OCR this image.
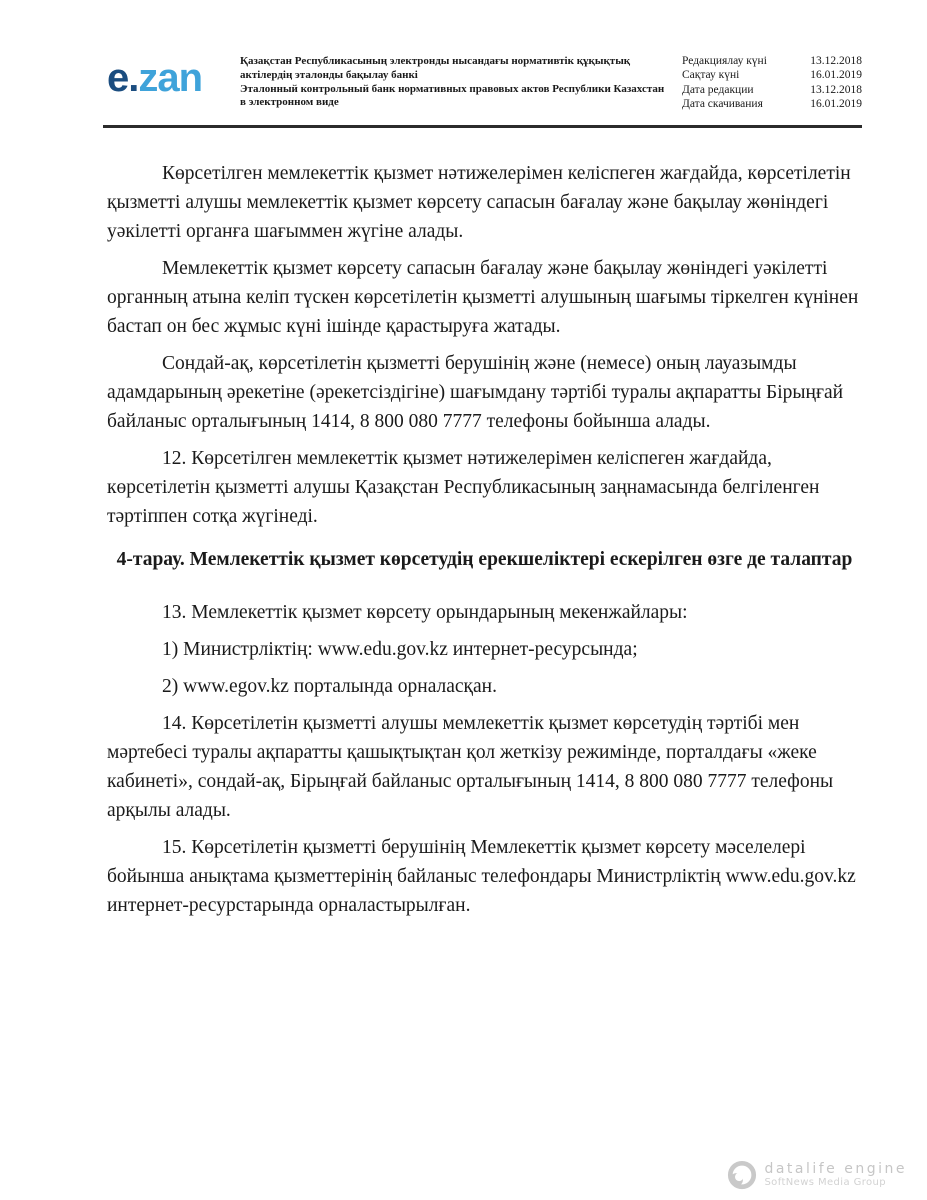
e.zan	Қазақстан Республикасының электронды нысандағы нормативтік құқықтық актілердің эталонды бақылау банкі

Эталонный контрольный банк нормативных правовых актов Республики Казахстан в электронном виде

Редакциялау күні	13.12.2018
Сақтау күні	16.01.2019
Дата редакции	13.12.2018
Дата скачивания	16.01.2019

Көрсетілген мемлекеттік қызмет нәтижелерімен келіспеген жағдайда, көрсетілетін қызметті алушы мемлекеттік қызмет көрсету сапасын бағалау және бақылау жөніндегі уәкілетті органға шағыммен жүгіне алады.

Мемлекеттік қызмет көрсету сапасын бағалау және бақылау жөніндегі уәкілетті органның атына келіп түскен көрсетілетін қызметті алушының шағымы тіркелген күнінен бастап он бес жұмыс күні ішінде қарастыруға жатады.

Сондай-ақ, көрсетілетін қызметті берушінің және (немесе) оның лауазымды адамдарының әрекетіне (әрекетсіздігіне) шағымдану тәртібі туралы ақпаратты Бірыңғай байланыс орталығының 1414, 8 800 080 7777 телефоны бойынша алады.

12. Көрсетілген мемлекеттік қызмет нәтижелерімен келіспеген жағдайда, көрсетілетін қызметті алушы Қазақстан Республикасының заңнамасында белгіленген тәртіппен сотқа жүгінеді.

4-тарау. Мемлекеттік қызмет көрсетудің ерекшеліктері ескерілген өзге де талаптар

13. Мемлекеттік қызмет көрсету орындарының мекенжайлары:

1) Министрліктің: www.edu.gov.kz интернет-ресурсында;

2) www.egov.kz порталында орналасқан.

14. Көрсетілетін қызметті алушы мемлекеттік қызмет көрсетудің тәртібі мен мәртебесі туралы ақпаратты қашықтықтан қол жеткізу режимінде, порталдағы «жеке кабинеті», сондай-ақ, Бірыңғай байланыс орталығының 1414, 8 800 080 7777 телефоны арқылы алады.

15. Көрсетілетін қызметті берушінің Мемлекеттік қызмет көрсету мәселелері бойынша анықтама қызметтерінің байланыс телефондары Министрліктің www.edu.gov.kz интернет-ресурстарында орналастырылған.

datalife engine
SoftNews Media Group
